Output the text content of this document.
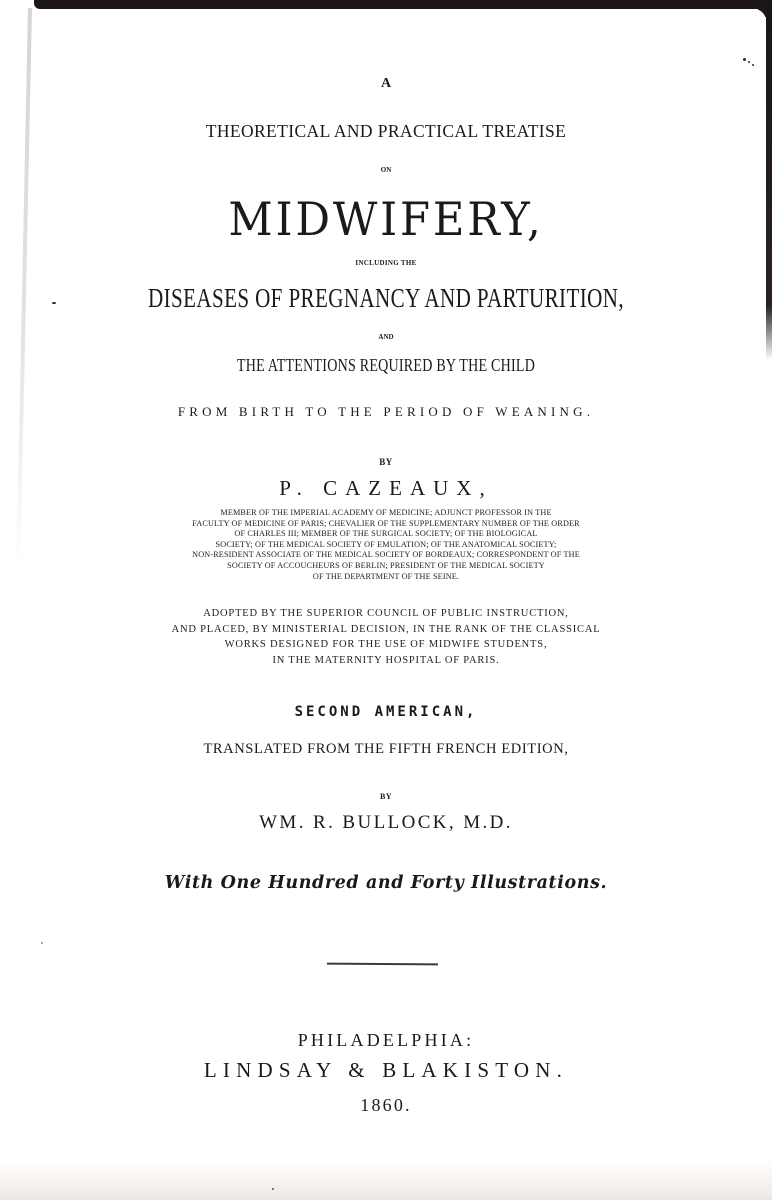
A
THEORETICAL AND PRACTICAL TREATISE
ON
MIDWIFERY,
INCLUDING THE
DISEASES OF PREGNANCY AND PARTURITION,
AND
THE ATTENTIONS REQUIRED BY THE CHILD
FROM BIRTH TO THE PERIOD OF WEANING.
BY
P. CAZEAUX,
MEMBER OF THE IMPERIAL ACADEMY OF MEDICINE; ADJUNCT PROFESSOR IN THE
FACULTY OF MEDICINE OF PARIS; CHEVALIER OF THE SUPPLEMENTARY NUMBER OF THE ORDER
OF CHARLES III; MEMBER OF THE SURGICAL SOCIETY; OF THE BIOLOGICAL
SOCIETY; OF THE MEDICAL SOCIETY OF EMULATION; OF THE ANATOMICAL SOCIETY;
NON-RESIDENT ASSOCIATE OF THE MEDICAL SOCIETY OF BORDEAUX; CORRESPONDENT OF THE
SOCIETY OF ACCOUCHEURS OF BERLIN; PRESIDENT OF THE MEDICAL SOCIETY
OF THE DEPARTMENT OF THE SEINE.
ADOPTED BY THE SUPERIOR COUNCIL OF PUBLIC INSTRUCTION,
AND PLACED, BY MINISTERIAL DECISION, IN THE RANK OF THE CLASSICAL
WORKS DESIGNED FOR THE USE OF MIDWIFE STUDENTS,
IN THE MATERNITY HOSPITAL OF PARIS.
SECOND AMERICAN,
TRANSLATED FROM THE FIFTH FRENCH EDITION,
BY
WM. R. BULLOCK, M.D.
With One Hundred and Forty Illustrations.
PHILADELPHIA:
LINDSAY & BLAKISTON.
1860.
